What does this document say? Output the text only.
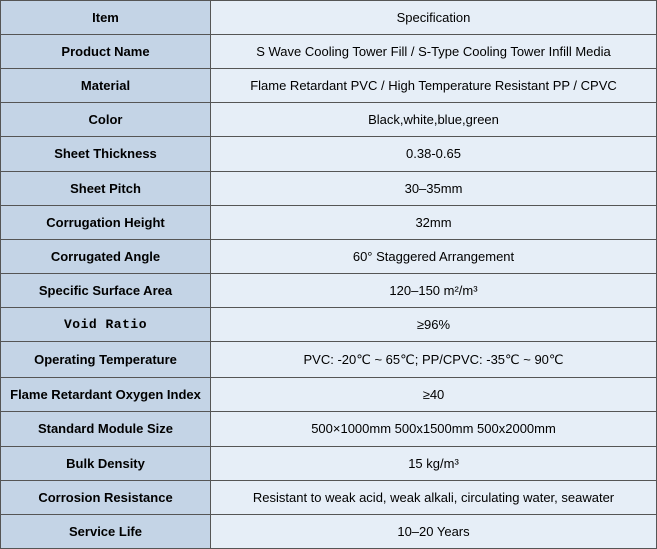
Item	Specification
Product Name	S Wave Cooling Tower Fill / S-Type Cooling Tower Infill Media
Material	Flame Retardant PVC / High Temperature Resistant PP / CPVC
Color	Black,white,blue,green
Sheet Thickness	0.38-0.65
Sheet Pitch	30–35mm
Corrugation Height	32mm
Corrugated Angle	60° Staggered Arrangement
Specific Surface Area	120–150 m²/m³
Void Ratio	≥96%
Operating Temperature	PVC: -20℃ ~ 65℃; PP/CPVC: -35℃ ~ 90℃
Flame Retardant Oxygen Index	≥40
Standard Module Size	500×1000mm 500x1500mm 500x2000mm
Bulk Density	15 kg/m³
Corrosion Resistance	Resistant to weak acid, weak alkali, circulating water, seawater
Service Life	10–20 Years
